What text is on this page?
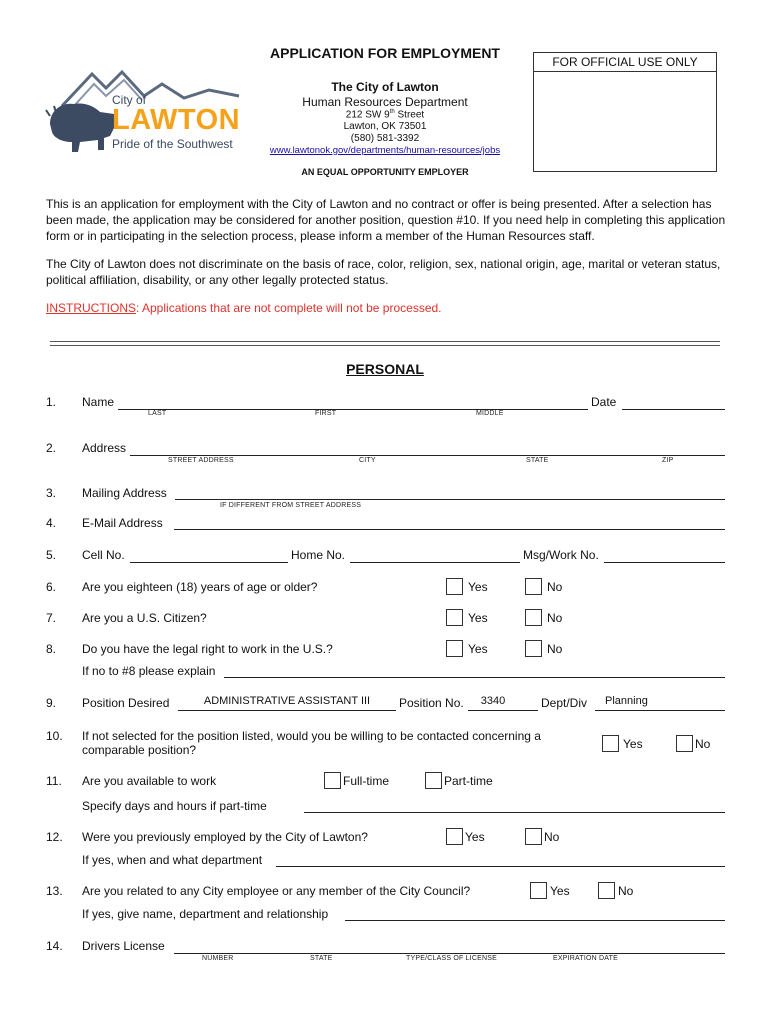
City of
LAWTON
Pride of the Southwest
APPLICATION FOR EMPLOYMENT
The City of Lawton
Human Resources Department
212 SW 9th Street
Lawton, OK 73501
(580) 581-3392
www.lawtonok.gov/departments/human-resources/jobs
AN EQUAL OPPORTUNITY EMPLOYER
FOR OFFICIAL USE ONLY
This is an application for employment with the City of Lawton and no contract or offer is being presented. After a selection has been made, the application may be considered for another position, question #10. If you need help in completing this application form or in participating in the selection process, please inform a member of the Human Resources staff.
The City of Lawton does not discriminate on the basis of race, color, religion, sex, national origin, age, marital or veteran status, political affiliation, disability, or any other legally protected status.
INSTRUCTIONS: Applications that are not complete will not be processed.
PERSONAL
1. Name
LAST	FIRST	MIDDLE
Date
2. Address
STREET ADDRESS	CITY	STATE	ZIP
3. Mailing Address
IF DIFFERENT FROM STREET ADDRESS
4. E-Mail Address
5. Cell No.	Home No.	Msg/Work No.
6. Are you eighteen (18) years of age or older?	Yes	No
7. Are you a U.S. Citizen?	Yes	No
8. Do you have the legal right to work in the U.S.?	Yes	No
If no to #8 please explain
9. Position Desired	ADMINISTRATIVE ASSISTANT III	Position No.	3340	Dept/Div Planning
10. If not selected for the position listed, would you be willing to be contacted concerning a
comparable position?	Yes	No
11. Are you available to work	Full-time	Part-time
Specify days and hours if part-time
12. Were you previously employed by the City of Lawton?	Yes	No
If yes, when and what department
13. Are you related to any City employee or any member of the City Council?	Yes	No
If yes, give name, department and relationship
14. Drivers License
NUMBER	STATE	TYPE/CLASS OF LICENSE	EXPIRATION DATE
